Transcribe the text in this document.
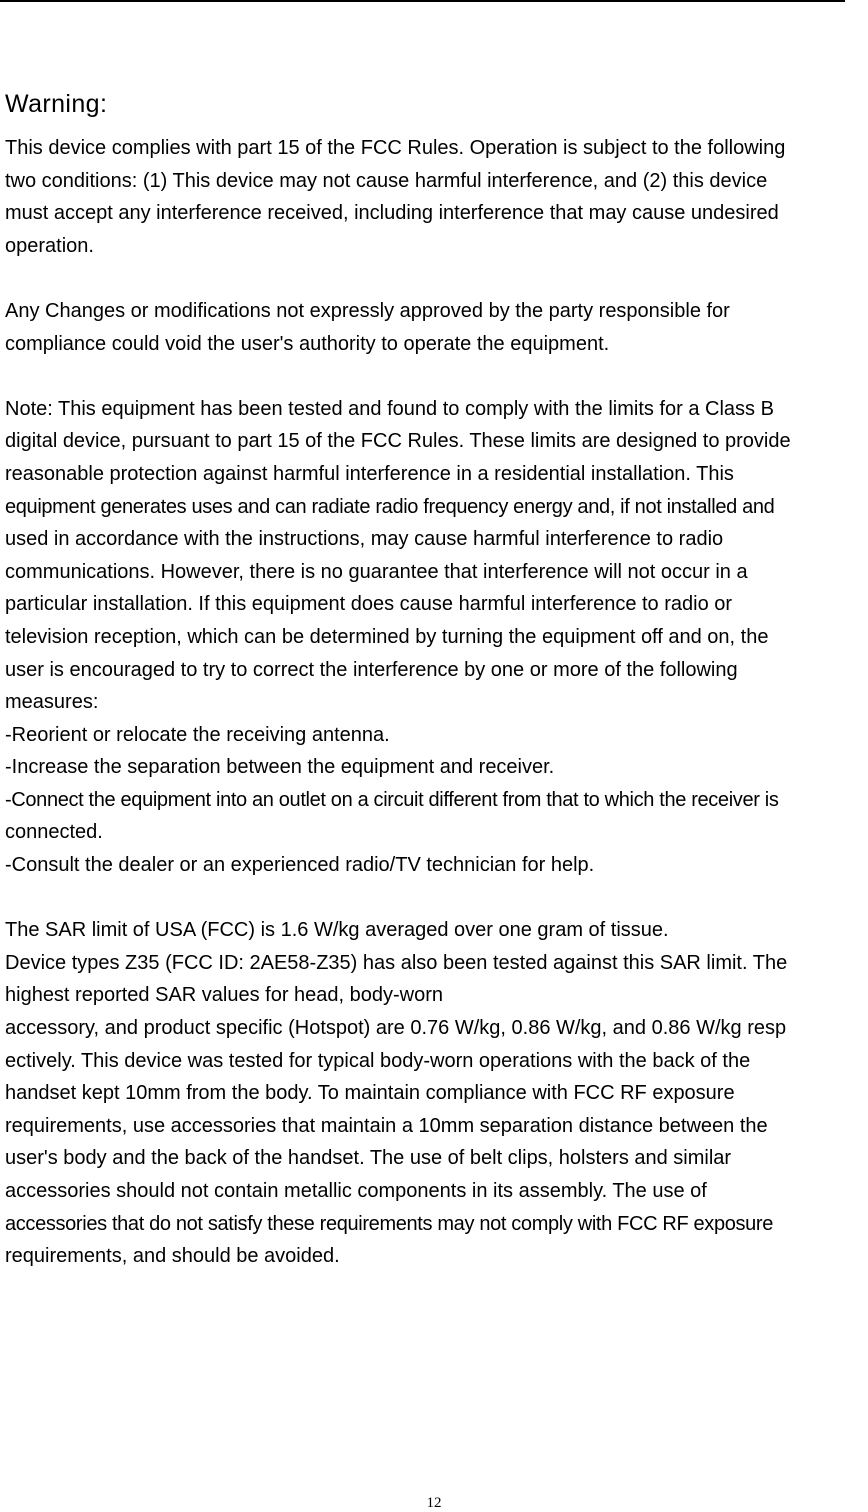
Warning:
This device complies with part 15 of the FCC Rules. Operation is subject to the following
two conditions: (1) This device may not cause harmful interference, and (2) this device
must accept any interference received, including interference that may cause undesired
operation.
Any Changes or modifications not expressly approved by the party responsible for
compliance could void the user's authority to operate the equipment.
Note: This equipment has been tested and found to comply with the limits for a Class B
digital device, pursuant to part 15 of the FCC Rules. These limits are designed to provide
reasonable protection against harmful interference in a residential installation. This
equipment generates uses and can radiate radio frequency energy and, if not installed and
used in accordance with the instructions, may cause harmful interference to radio
communications. However, there is no guarantee that interference will not occur in a
particular installation. If this equipment does cause harmful interference to radio or
television reception, which can be determined by turning the equipment off and on, the
user is encouraged to try to correct the interference by one or more of the following
measures:
-Reorient or relocate the receiving antenna.
-Increase the separation between the equipment and receiver.
-Connect the equipment into an outlet on a circuit different from that to which the receiver is
connected.
-Consult the dealer or an experienced radio/TV technician for help.
The SAR limit of USA (FCC) is 1.6 W/kg averaged over one gram of tissue.
Device types Z35 (FCC ID: 2AE58-Z35) has also been tested against this SAR limit. The
highest reported SAR values for head, body-worn
accessory, and product specific (Hotspot) are 0.76 W/kg, 0.86 W/kg, and 0.86 W/kg resp
ectively. This device was tested for typical body-worn operations with the back of the
handset kept 10mm from the body. To maintain compliance with FCC RF exposure
requirements, use accessories that maintain a 10mm separation distance between the
user's body and the back of the handset. The use of belt clips, holsters and similar
accessories should not contain metallic components in its assembly. The use of
accessories that do not satisfy these requirements may not comply with FCC RF exposure
requirements, and should be avoided.
12
